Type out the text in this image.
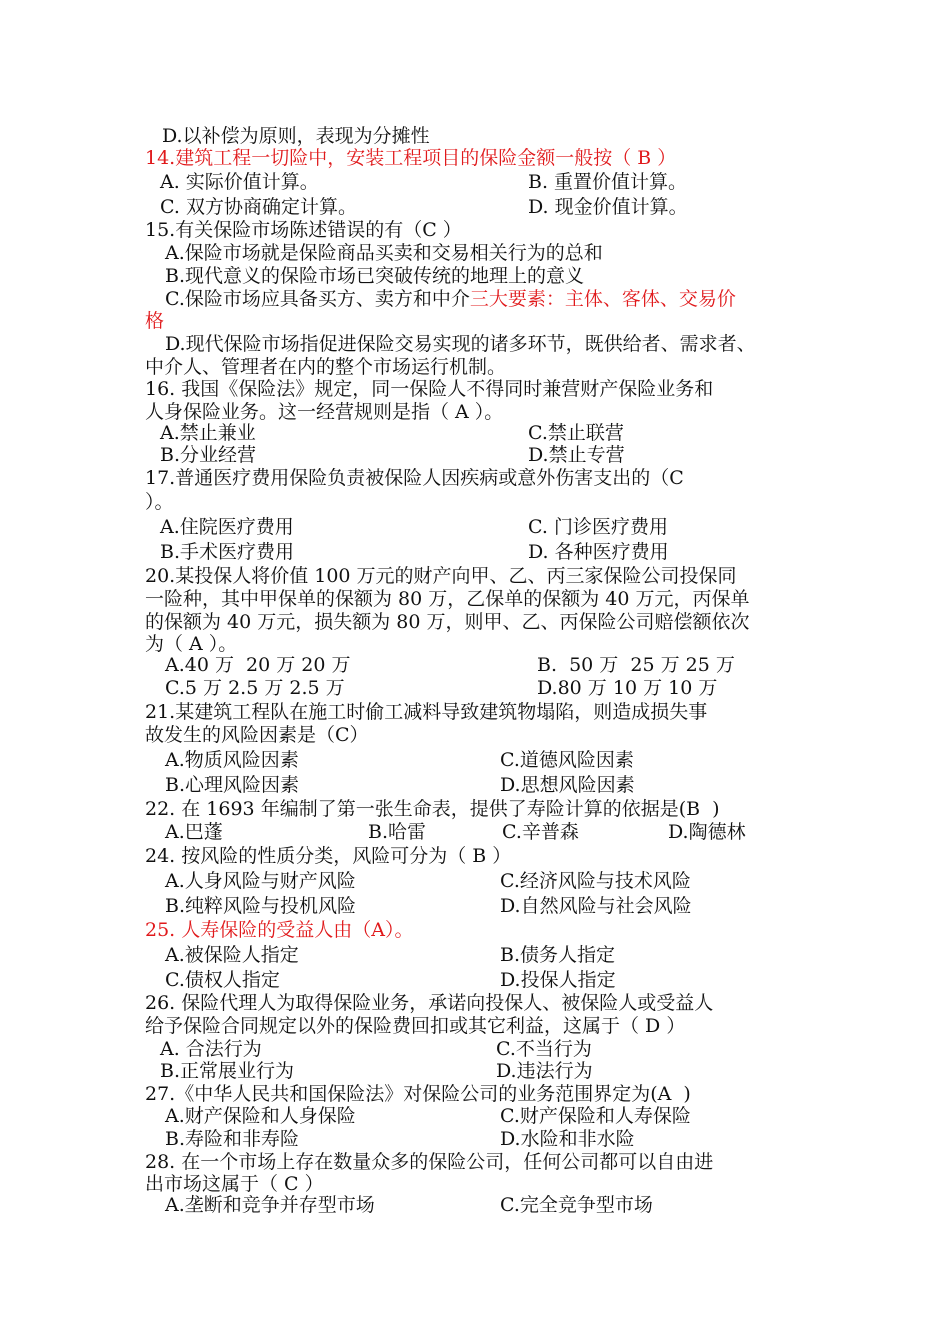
D.以补偿为原则，表现为分摊性
14.建筑工程一切险中，安装工程项目的保险金额一般按（ B ）
A. 实际价值计算。	B. 重置价值计算。
C. 双方协商确定计算。	D. 现金价值计算。
15.有关保险市场陈述错误的有（C ）
A.保险市场就是保险商品买卖和交易相关行为的总和
B.现代意义的保险市场已突破传统的地理上的意义
C.保险市场应具备买方、卖方和中介三大要素：主体、客体、交易价
格
D.现代保险市场指促进保险交易实现的诸多环节，既供给者、需求者、
中介人、管理者在内的整个市场运行机制。
16. 我国《保险法》规定，同一保险人不得同时兼营财产保险业务和
人身保险业务。这一经营规则是指（ A ）。
A.禁止兼业	C.禁止联营
B.分业经营	D.禁止专营
17.普通医疗费用保险负责被保险人因疾病或意外伤害支出的（C
）。
A.住院医疗费用	C. 门诊医疗费用
B.手术医疗费用	D. 各种医疗费用
20.某投保人将价值 100 万元的财产向甲、乙、丙三家保险公司投保同
一险种，其中甲保单的保额为 80 万，乙保单的保额为 40 万元，丙保单
的保额为 40 万元，损失额为 80 万，则甲、乙、丙保险公司赔偿额依次
为（ A ）。
A.40 万  20 万 20 万	B.  50 万  25 万 25 万
C.5 万 2.5 万 2.5 万	D.80 万 10 万 10 万
21.某建筑工程队在施工时偷工减料导致建筑物塌陷，则造成损失事
故发生的风险因素是（C）
A.物质风险因素	C.道德风险因素
B.心理风险因素	D.思想风险因素
22. 在 1693 年编制了第一张生命表，提供了寿险计算的依据是(B  )
A.巴蓬	B.哈雷	C.辛普森	D.陶德林
24. 按风险的性质分类，风险可分为（ B ）
A.人身风险与财产风险	C.经济风险与技术风险
B.纯粹风险与投机风险	D.自然风险与社会风险
25. 人寿保险的受益人由（A）。
A.被保险人指定	B.债务人指定
C.债权人指定	D.投保人指定
26. 保险代理人为取得保险业务，承诺向投保人、被保险人或受益人
给予保险合同规定以外的保险费回扣或其它利益，这属于（ D ）
A. 合法行为	C.不当行为
B.正常展业行为	D.违法行为
27.《中华人民共和国保险法》对保险公司的业务范围界定为(A  )
A.财产保险和人身保险	C.财产保险和人寿保险
B.寿险和非寿险	D.水险和非水险
28. 在一个市场上存在数量众多的保险公司，任何公司都可以自由进
出市场这属于（ C ）
A.垄断和竞争并存型市场	C.完全竞争型市场
